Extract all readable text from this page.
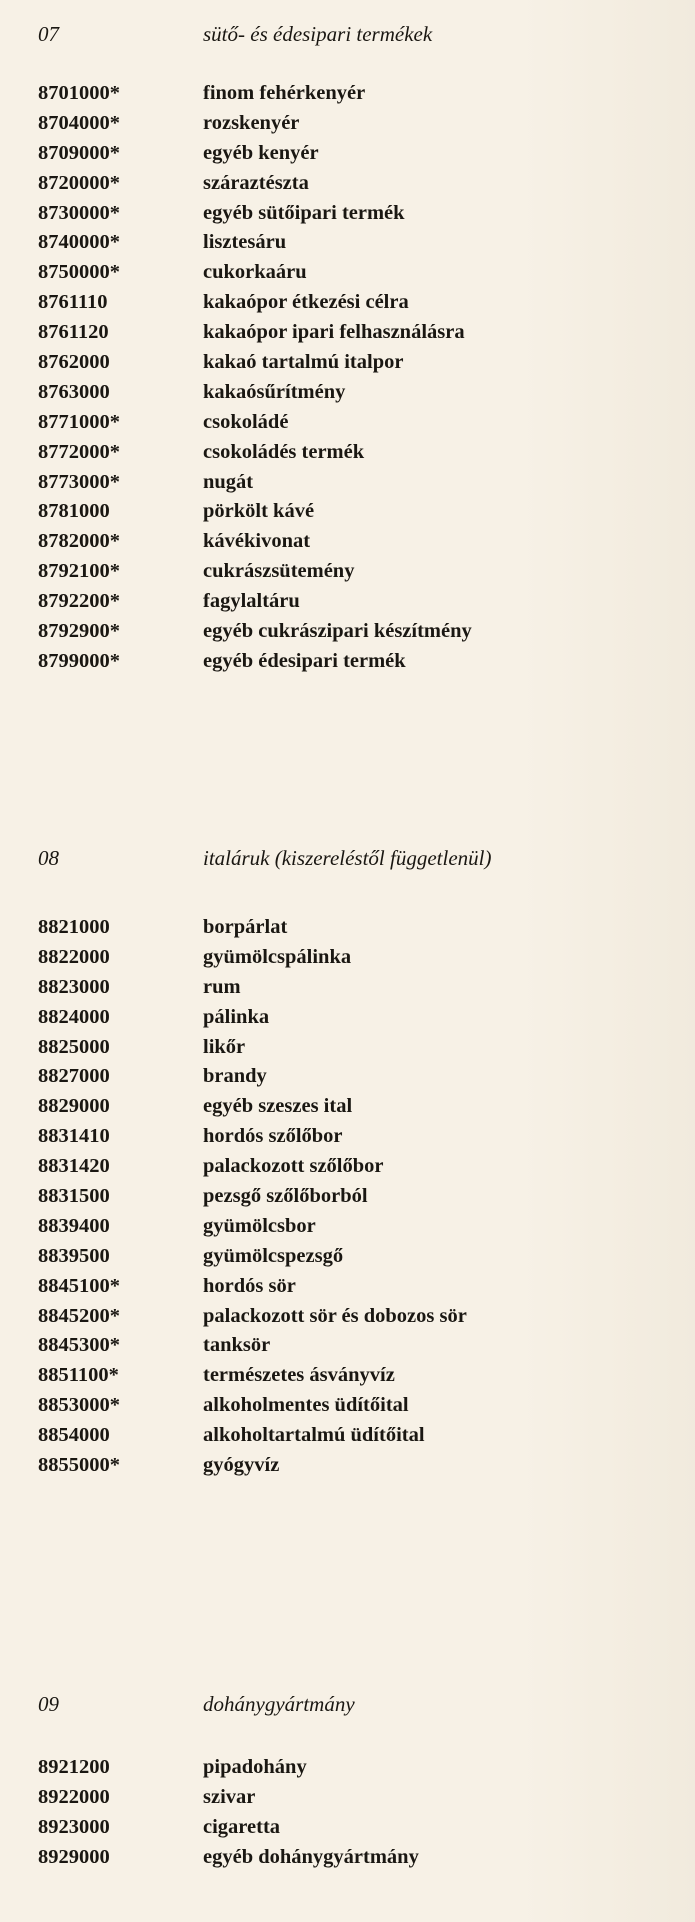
07	sütő- és édesipari termékek
8701000*	finom fehérkenyér
8704000*	rozskenyér
8709000*	egyéb kenyér
8720000*	száraztészta
8730000*	egyéb sütőipari termék
8740000*	lisztesáru
8750000*	cukorkaáru
8761110	kakaópor étkezési célra
8761120	kakaópor ipari felhasználásra
8762000	kakaó tartalmú italpor
8763000	kakaósűrítmény
8771000*	csokoládé
8772000*	csokoládés termék
8773000*	nugát
8781000	pörkölt kávé
8782000*	kávékivonat
8792100*	cukrászsütemény
8792200*	fagylaltáru
8792900*	egyéb cukrászipari készítmény
8799000*	egyéb édesipari termék
08	italáruk (kiszereléstől függetlenül)
8821000	borpárlat
8822000	gyümölcspálinka
8823000	rum
8824000	pálinka
8825000	likőr
8827000	brandy
8829000	egyéb szeszes ital
8831410	hordós szőlőbor
8831420	palackozott szőlőbor
8831500	pezsgő szőlőborból
8839400	gyümölcsbor
8839500	gyümölcspezsgő
8845100*	hordós sör
8845200*	palackozott sör és dobozos sör
8845300*	tanksör
8851100*	természetes ásványvíz
8853000*	alkoholmentes üdítőital
8854000	alkoholtartalmú üdítőital
8855000*	gyógyvíz
09	dohánygyártmány
8921200	pipadohány
8922000	szivar
8923000	cigaretta
8929000	egyéb dohánygyártmány
